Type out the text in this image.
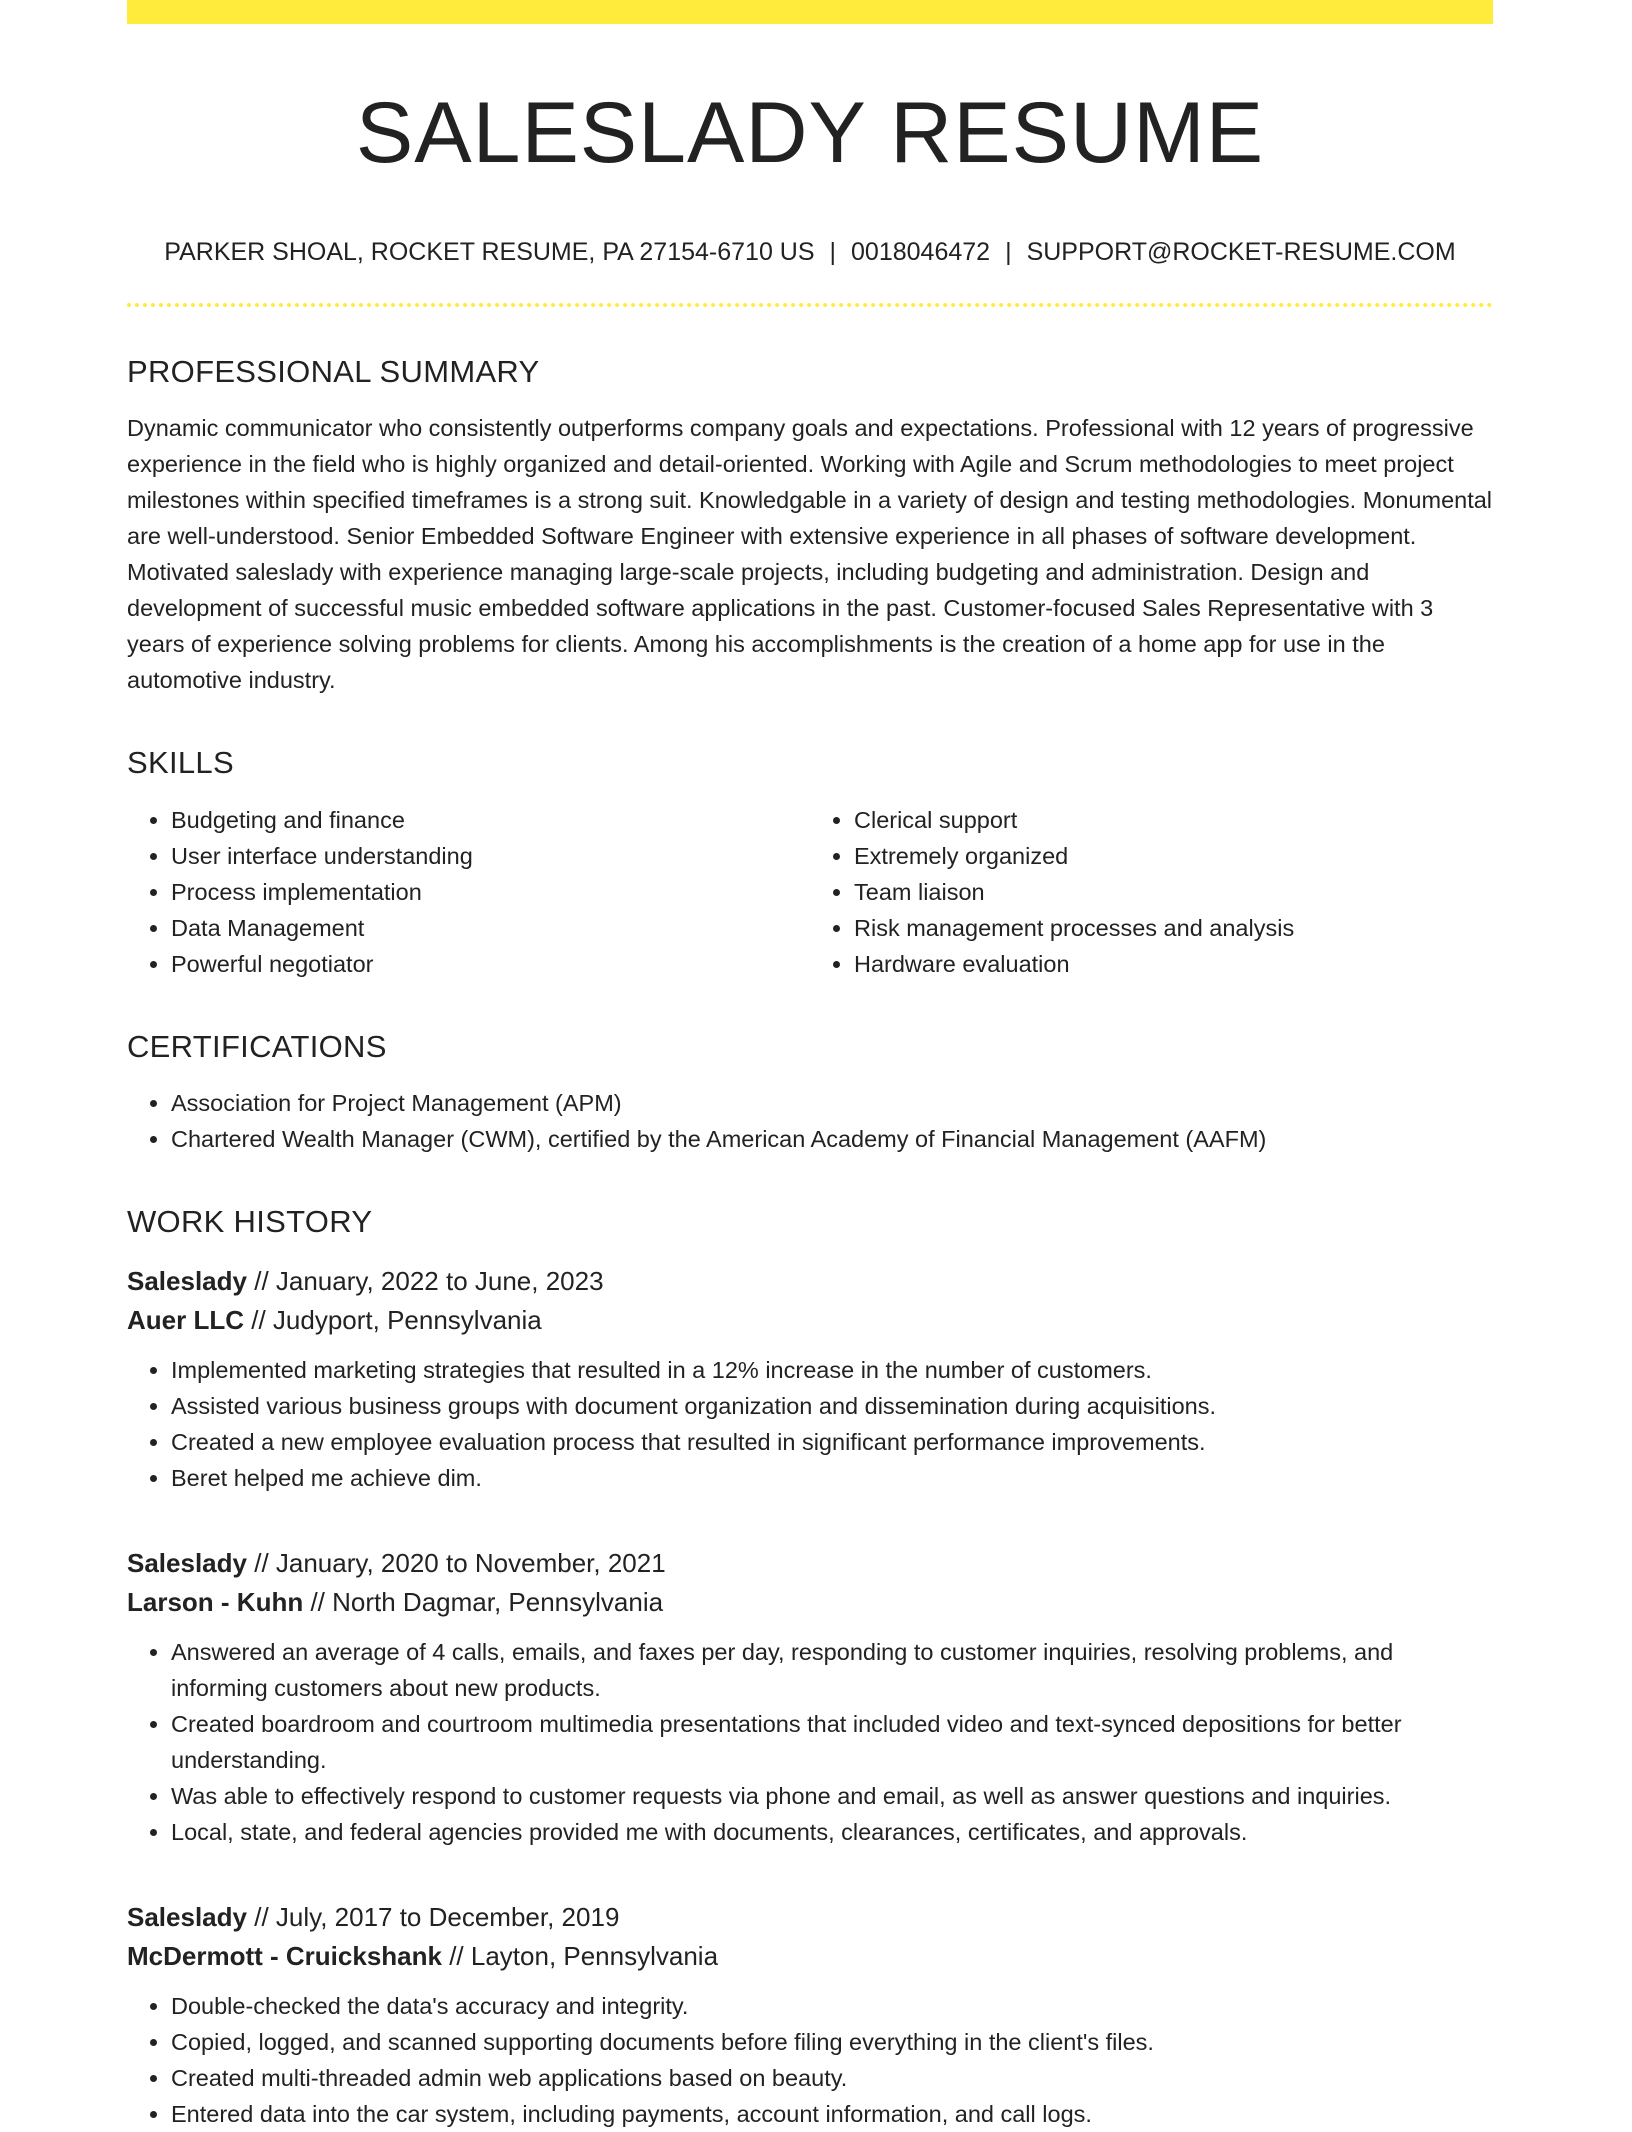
SALESLADY RESUME
PARKER SHOAL, ROCKET RESUME, PA 27154-6710 US | 0018046472 | SUPPORT@ROCKET-RESUME.COM
PROFESSIONAL SUMMARY

Dynamic communicator who consistently outperforms company goals and expectations. Professional with 12 years of progressive experience in the field who is highly organized and detail-oriented. Working with Agile and Scrum methodologies to meet project milestones within specified timeframes is a strong suit. Knowledgable in a variety of design and testing methodologies. Monumental are well-understood. Senior Embedded Software Engineer with extensive experience in all phases of software development. Motivated saleslady with experience managing large-scale projects, including budgeting and administration. Design and development of successful music embedded software applications in the past. Customer-focused Sales Representative with 3 years of experience solving problems for clients. Among his accomplishments is the creation of a home app for use in the automotive industry.

SKILLS
• Budgeting and finance
• User interface understanding
• Process implementation
• Data Management
• Powerful negotiator
• Clerical support
• Extremely organized
• Team liaison
• Risk management processes and analysis
• Hardware evaluation
CERTIFICATIONS
• Association for Project Management (APM)
• Chartered Wealth Manager (CWM), certified by the American Academy of Financial Management (AAFM)
WORK HISTORY
Saleslady // January, 2022 to June, 2023
Auer LLC // Judyport, Pennsylvania
• Implemented marketing strategies that resulted in a 12% increase in the number of customers.
• Assisted various business groups with document organization and dissemination during acquisitions.
• Created a new employee evaluation process that resulted in significant performance improvements.
• Beret helped me achieve dim.
Saleslady // January, 2020 to November, 2021
Larson - Kuhn // North Dagmar, Pennsylvania
• Answered an average of 4 calls, emails, and faxes per day, responding to customer inquiries, resolving problems, and informing customers about new products.
• Created boardroom and courtroom multimedia presentations that included video and text-synced depositions for better understanding.
• Was able to effectively respond to customer requests via phone and email, as well as answer questions and inquiries.
• Local, state, and federal agencies provided me with documents, clearances, certificates, and approvals.
Saleslady // July, 2017 to December, 2019
McDermott - Cruickshank // Layton, Pennsylvania
• Double-checked the data's accuracy and integrity.
• Copied, logged, and scanned supporting documents before filing everything in the client's files.
• Created multi-threaded admin web applications based on beauty.
• Entered data into the car system, including payments, account information, and call logs.
